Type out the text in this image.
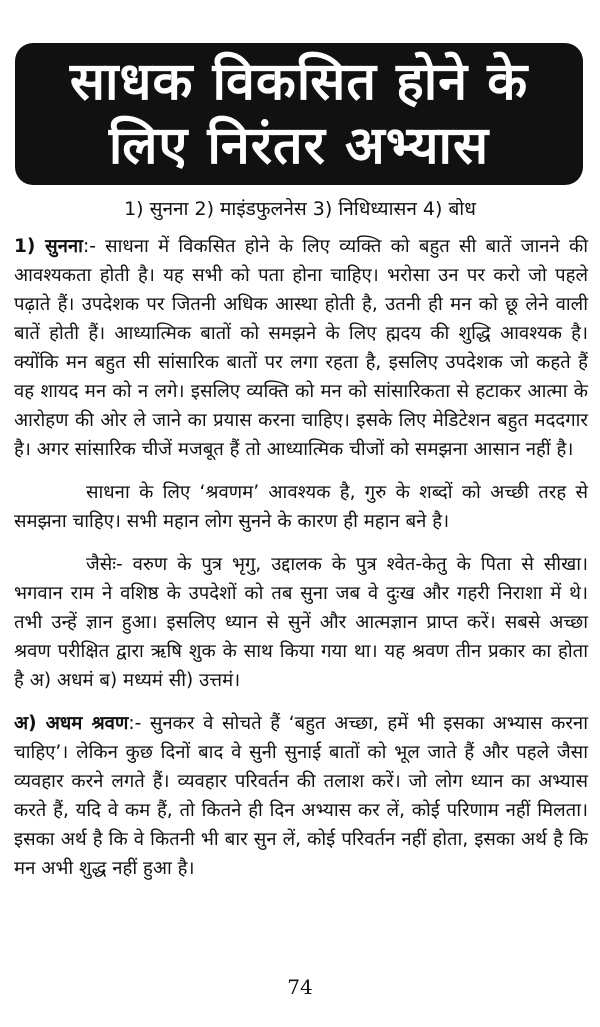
साधक विकसित होने के
लिए निरंतर अभ्यास
1) सुनना 2) माइंडफुलनेस 3) निधिध्यासन 4) बोध

1) सुनना:- साधना में विकसित होने के लिए व्यक्ति को बहुत सी बातें जानने की आवश्यकता होती है। यह सभी को पता होना चाहिए। भरोसा उन पर करो जो पहले पढ़ाते हैं। उपदेशक पर जितनी अधिक आस्था होती है, उतनी ही मन को छू लेने वाली बातें होती हैं। आध्यात्मिक बातों को समझने के लिए ह्मदय की शुद्धि आवश्यक है। क्योंकि मन बहुत सी सांसारिक बातों पर लगा रहता है, इसलिए उपदेशक जो कहते हैं वह शायद मन को न लगे। इसलिए व्यक्ति को मन को सांसारिकता से हटाकर आत्मा के आरोहण की ओर ले जाने का प्रयास करना चाहिए। इसके लिए मेडिटेशन बहुत मददगार है। अगर सांसारिक चीजें मजबूत हैं तो आध्यात्मिक चीजों को समझना आसान नहीं है।

साधना के लिए ‘श्रवणम’ आवश्यक है, गुरु के शब्दों को अच्छी तरह से समझना चाहिए। सभी महान लोग सुनने के कारण ही महान बने है।

जैसेः- वरुण के पुत्र भृगु, उद्दालक के पुत्र श्वेत-केतु के पिता से सीखा। भगवान राम ने वशिष्ठ के उपदेशों को तब सुना जब वे दुःख और गहरी निराशा में थे। तभी उन्हें ज्ञान हुआ। इसलिए ध्यान से सुनें और आत्मज्ञान प्राप्त करें। सबसे अच्छा श्रवण परीक्षित द्वारा ऋषि शुक के साथ किया गया था। यह श्रवण तीन प्रकार का होता है अ) अधमं ब) मध्यमं सी) उत्तमं।

अ) अधम श्रवण:- सुनकर वे सोचते हैं ‘बहुत अच्छा, हमें भी इसका अभ्यास करना चाहिए’। लेकिन कुछ दिनों बाद वे सुनी सुनाई बातों को भूल जाते हैं और पहले जैसा व्यवहार करने लगते हैं। व्यवहार परिवर्तन की तलाश करें। जो लोग ध्यान का अभ्यास करते हैं, यदि वे कम हैं, तो कितने ही दिन अभ्यास कर लें, कोई परिणाम नहीं मिलता। इसका अर्थ है कि वे कितनी भी बार सुन लें, कोई परिवर्तन नहीं होता, इसका अर्थ है कि मन अभी शुद्ध नहीं हुआ है।

74
